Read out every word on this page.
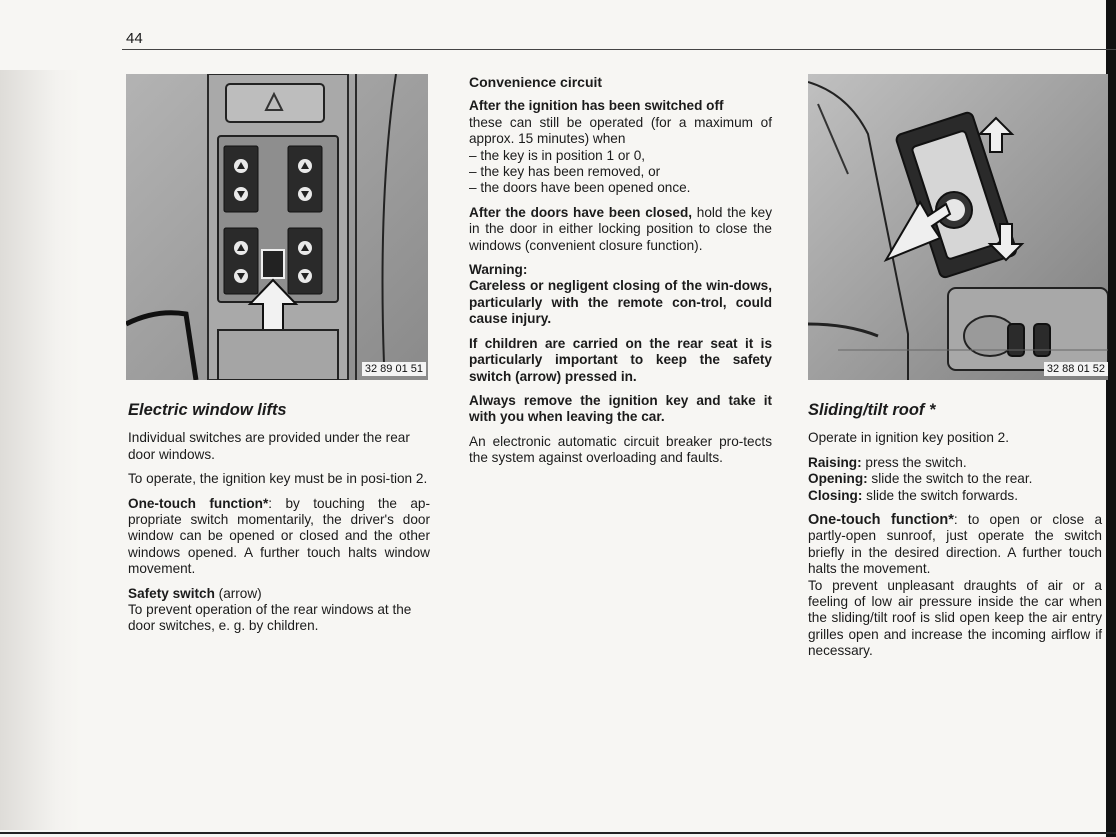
44
32 89 01 51	32 88 01 52
Electric window lifts

Individual switches are provided under the rear door windows.

To operate, the ignition key must be in posi-tion 2.

One-touch function*: by touching the ap-propriate switch momentarily, the driver's door window can be opened or closed and the other windows opened. A further touch halts window movement.

Safety switch (arrow)
To prevent operation of the rear windows at the door switches, e. g. by children.

Convenience circuit

After the ignition has been switched off
these can still be operated (for a maximum of approx. 15 minutes) when

– the key is in position 1 or 0,
– the key has been removed, or
– the doors have been opened once.

After the doors have been closed, hold the key in the door in either locking position to close the windows (convenient closure function).

Warning:
Careless or negligent closing of the win-dows, particularly with the remote con-trol, could cause injury.

If children are carried on the rear seat it is particularly important to keep the safety switch (arrow) pressed in.

Always remove the ignition key and take it with you when leaving the car.

An electronic automatic circuit breaker pro-tects the system against overloading and faults.

Sliding/tilt roof *

Operate in ignition key position 2.

Raising: press the switch.
Opening: slide the switch to the rear.
Closing: slide the switch forwards.

One-touch function*: to open or close a partly-open sunroof, just operate the switch briefly in the desired direction. A further touch halts the movement.

To prevent unpleasant draughts of air or a feeling of low air pressure inside the car when the sliding/tilt roof is slid open keep the air entry grilles open and increase the incoming airflow if necessary.
